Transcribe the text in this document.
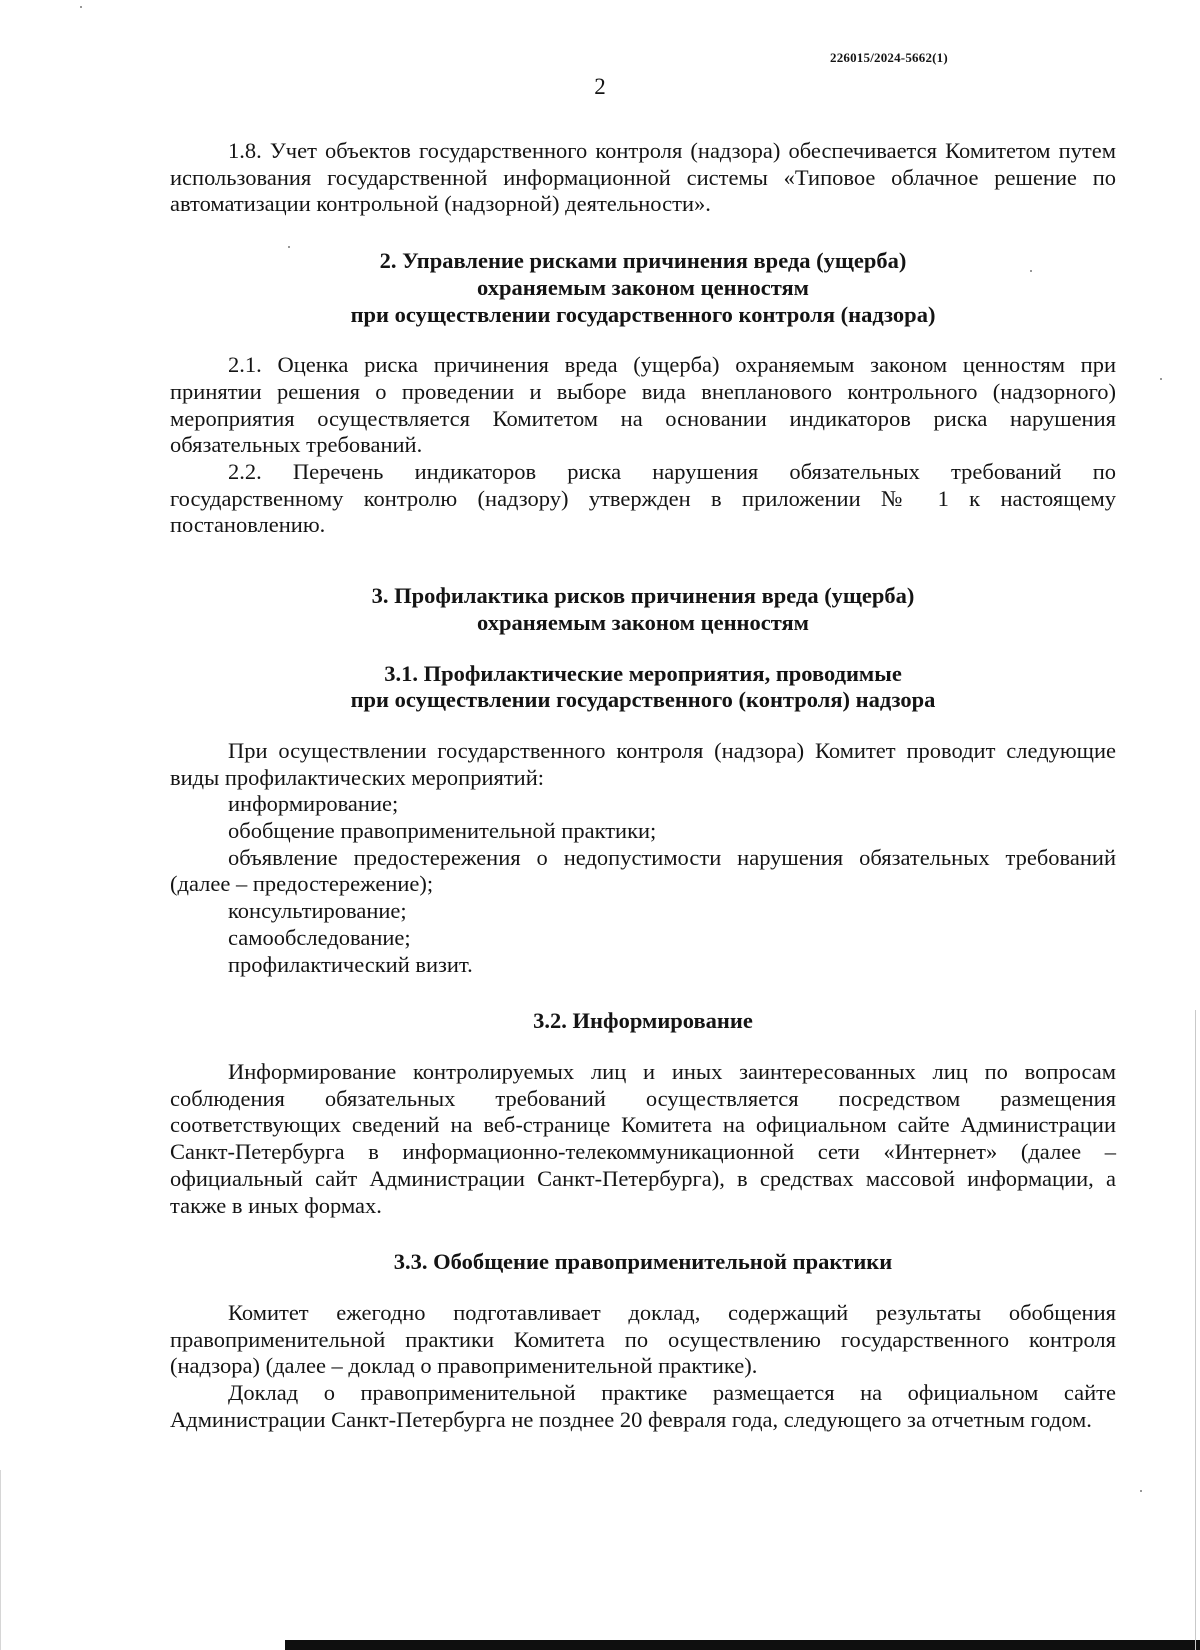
226015/2024-5662(1)
2

1.8. Учет объектов государственного контроля (надзора) обеспечивается Комитетом путем использования государственной информационной системы «Типовое облачное решение по автоматизации контрольной (надзорной) деятельности».

2. Управление рисками причинения вреда (ущерба)
охраняемым законом ценностям
при осуществлении государственного контроля (надзора)

2.1. Оценка риска причинения вреда (ущерба) охраняемым законом ценностям при принятии решения о проведении и выборе вида внепланового контрольного (надзорного) мероприятия осуществляется Комитетом на основании индикаторов риска нарушения обязательных требований.

2.2. Перечень индикаторов риска нарушения обязательных требований по государственному контролю (надзору) утвержден в приложении № 1 к настоящему постановлению.

3. Профилактика рисков причинения вреда (ущерба)
охраняемым законом ценностям
3.1. Профилактические мероприятия, проводимые
при осуществлении государственного (контроля) надзора

При осуществлении государственного контроля (надзора) Комитет проводит следующие виды профилактических мероприятий:

информирование;

обобщение правоприменительной практики;

объявление предостережения о недопустимости нарушения обязательных требований (далее – предостережение);

консультирование;

самообследование;

профилактический визит.

3.2. Информирование

Информирование контролируемых лиц и иных заинтересованных лиц по вопросам соблюдения обязательных требований осуществляется посредством размещения соответствующих сведений на веб-странице Комитета на официальном сайте Администрации Санкт-Петербурга в информационно-телекоммуникационной сети «Интернет» (далее – официальный сайт Администрации Санкт-Петербурга), в средствах массовой информации, а также в иных формах.

3.3. Обобщение правоприменительной практики

Комитет ежегодно подготавливает доклад, содержащий результаты обобщения правоприменительной практики Комитета по осуществлению государственного контроля (надзора) (далее – доклад о правоприменительной практике).

Доклад о правоприменительной практике размещается на официальном сайте Администрации Санкт-Петербурга не позднее 20 февраля года, следующего за отчетным годом.
